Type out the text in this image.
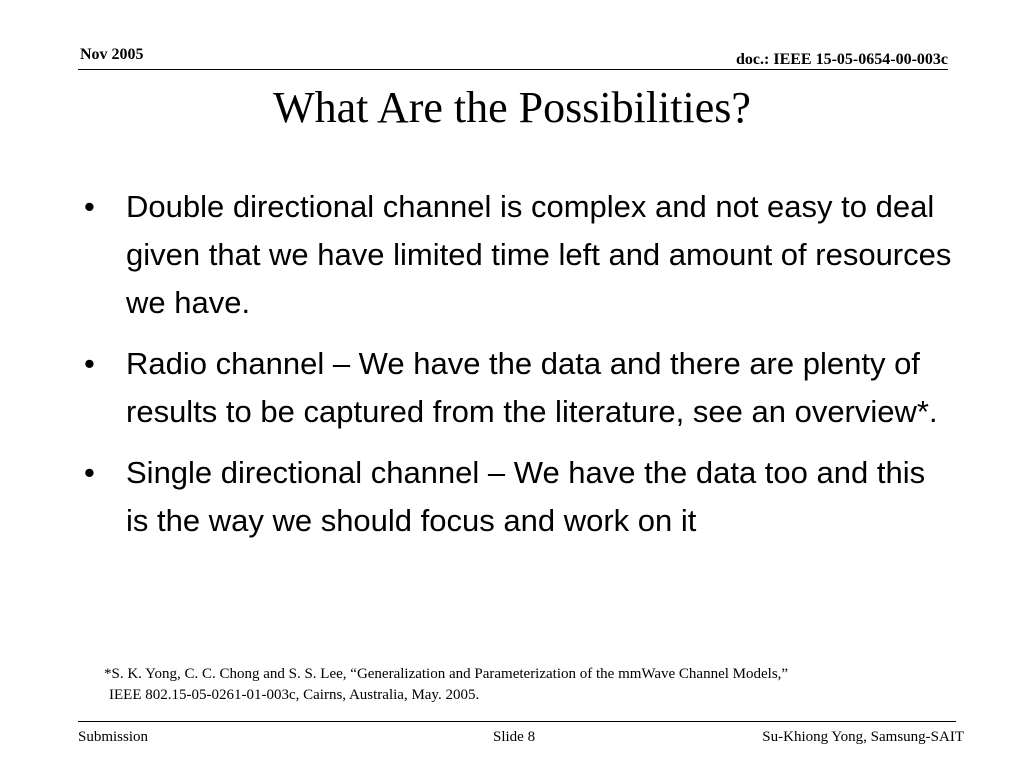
Nov 2005	doc.: IEEE 15-05-0654-00-003c
What Are the Possibilities?
•	Double directional channel is complex and not easy to deal given that we have limited time left and amount of resources we have.
•	Radio channel – We have the data and there are plenty of results to be captured from the literature, see an overview*.
•	Single directional channel – We have the data too and this is the way we should focus and work on it
*S. K. Yong, C. C. Chong and S. S. Lee, “Generalization and Parameterization of the mmWave Channel Models,”
IEEE 802.15-05-0261-01-003c, Cairns, Australia, May. 2005.
Submission	Slide 8	Su-Khiong Yong, Samsung-SAIT
